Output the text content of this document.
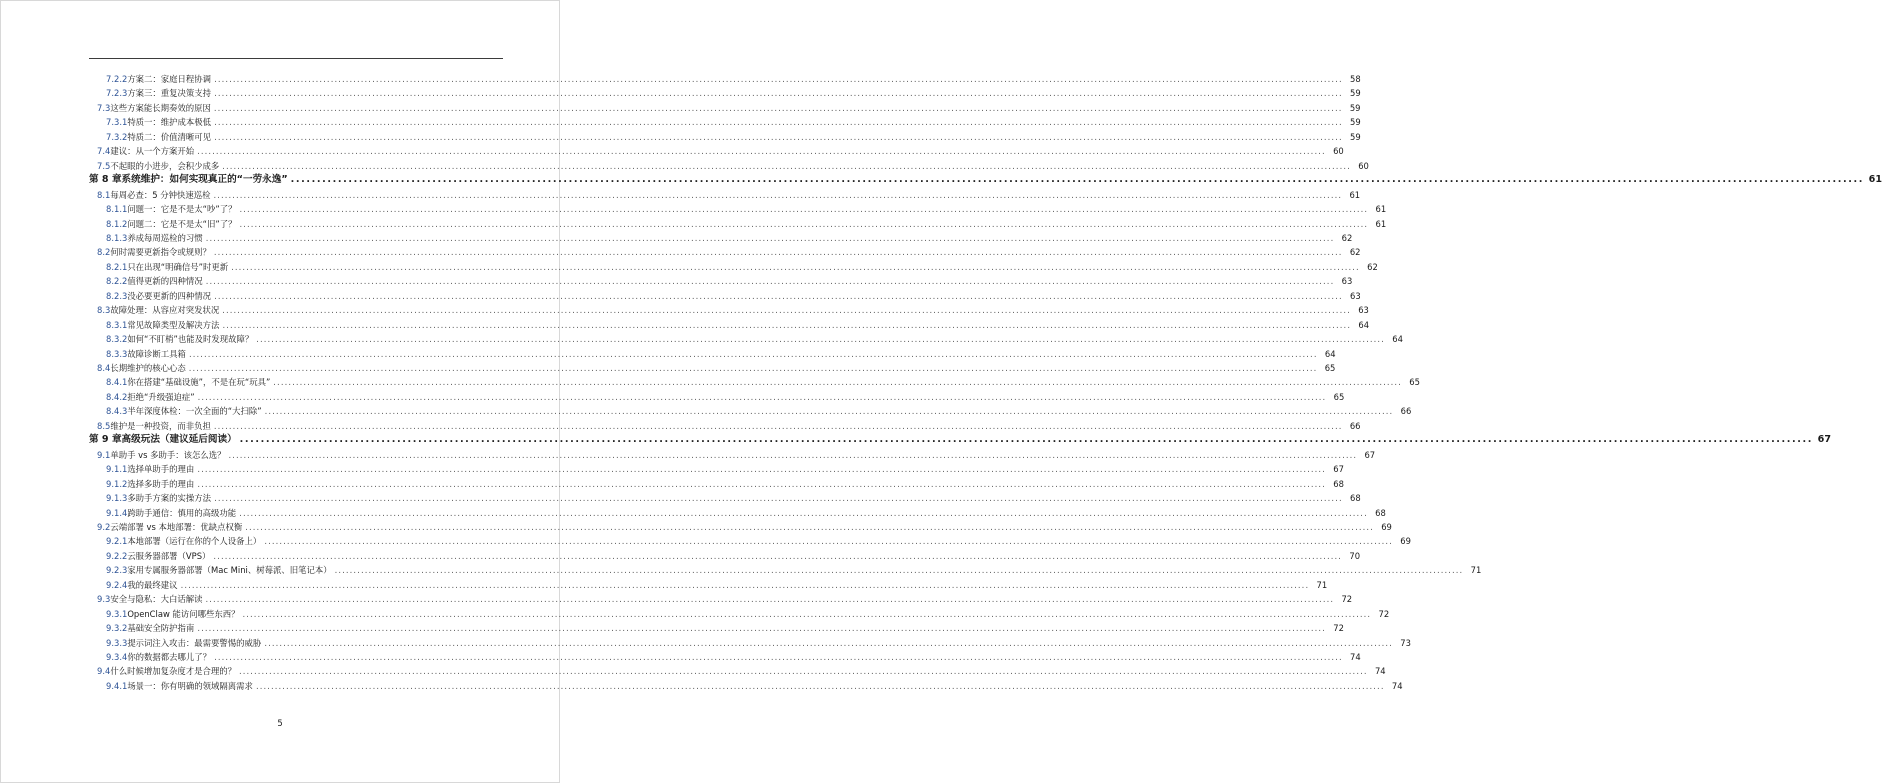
7.2.2 方案二：家庭日程协调 ............................................................................................................................................................................................................................................................................................................ 58
7.2.3 方案三：重复决策支持 ............................................................................................................................................................................................................................................................................................................ 59
7.3 这些方案能长期奏效的原因 ............................................................................................................................................................................................................................................................................................................ 59
7.3.1 特质一：维护成本极低 ............................................................................................................................................................................................................................................................................................................ 59
7.3.2 特质二：价值清晰可见 ............................................................................................................................................................................................................................................................................................................ 59
7.4 建议：从一个方案开始 ............................................................................................................................................................................................................................................................................................................ 60
7.5 不起眼的小进步，会积少成多 ............................................................................................................................................................................................................................................................................................................ 60
第 8 章 系统维护：如何实现真正的“一劳永逸” ............................................................................................................................................................................................................................................................................................................ 61
8.1 每周必查：5 分钟快速巡检 ............................................................................................................................................................................................................................................................................................................ 61
8.1.1 问题一：它是不是太“吵”了？ ............................................................................................................................................................................................................................................................................................................ 61
8.1.2 问题二：它是不是太“旧”了？ ............................................................................................................................................................................................................................................................................................................ 61
8.1.3 养成每周巡检的习惯 ............................................................................................................................................................................................................................................................................................................ 62
8.2 何时需要更新指令或规则？ ............................................................................................................................................................................................................................................................................................................ 62
8.2.1 只在出现“明确信号”时更新 ............................................................................................................................................................................................................................................................................................................ 62
8.2.2 值得更新的四种情况 ............................................................................................................................................................................................................................................................................................................ 63
8.2.3 没必要更新的四种情况 ............................................................................................................................................................................................................................................................................................................ 63
8.3 故障处理：从容应对突发状况 ............................................................................................................................................................................................................................................................................................................ 63
8.3.1 常见故障类型及解决方法 ............................................................................................................................................................................................................................................................................................................ 64
8.3.2 如何“不盯梢”也能及时发现故障？ ............................................................................................................................................................................................................................................................................................................ 64
8.3.3 故障诊断工具箱 ............................................................................................................................................................................................................................................................................................................ 64
8.4 长期维护的核心心态 ............................................................................................................................................................................................................................................................................................................ 65
8.4.1 你在搭建“基础设施”，不是在玩“玩具” ............................................................................................................................................................................................................................................................................................................ 65
8.4.2 拒绝“升级强迫症” ............................................................................................................................................................................................................................................................................................................ 65
8.4.3 半年深度体检：一次全面的“大扫除” ............................................................................................................................................................................................................................................................................................................ 66
8.5 维护是一种投资，而非负担 ............................................................................................................................................................................................................................................................................................................ 66
第 9 章 高级玩法（建议延后阅读） ............................................................................................................................................................................................................................................................................................................ 67
9.1 单助手 vs 多助手：该怎么选？ ............................................................................................................................................................................................................................................................................................................ 67
9.1.1 选择单助手的理由 ............................................................................................................................................................................................................................................................................................................ 67
9.1.2 选择多助手的理由 ............................................................................................................................................................................................................................................................................................................ 68
9.1.3 多助手方案的实操方法 ............................................................................................................................................................................................................................................................................................................ 68
9.1.4 跨助手通信：慎用的高级功能 ............................................................................................................................................................................................................................................................................................................ 68
9.2 云端部署 vs 本地部署：优缺点权衡 ............................................................................................................................................................................................................................................................................................................ 69
9.2.1 本地部署（运行在你的个人设备上） ............................................................................................................................................................................................................................................................................................................ 69
9.2.2 云服务器部署（VPS） ............................................................................................................................................................................................................................................................................................................ 70
9.2.3 家用专属服务器部署（Mac Mini、树莓派、旧笔记本） ............................................................................................................................................................................................................................................................................................................ 71
9.2.4 我的最终建议 ............................................................................................................................................................................................................................................................................................................ 71
9.3 安全与隐私：大白话解读 ............................................................................................................................................................................................................................................................................................................ 72
9.3.1 OpenClaw 能访问哪些东西？ ............................................................................................................................................................................................................................................................................................................ 72
9.3.2 基础安全防护指南 ............................................................................................................................................................................................................................................................................................................ 72
9.3.3 提示词注入攻击：最需要警惕的威胁 ............................................................................................................................................................................................................................................................................................................ 73
9.3.4 你的数据都去哪儿了？ ............................................................................................................................................................................................................................................................................................................ 74
9.4 什么时候增加复杂度才是合理的？ ............................................................................................................................................................................................................................................................................................................ 74
9.4.1 场景一：你有明确的领域隔离需求 ............................................................................................................................................................................................................................................................................................................ 74
5
